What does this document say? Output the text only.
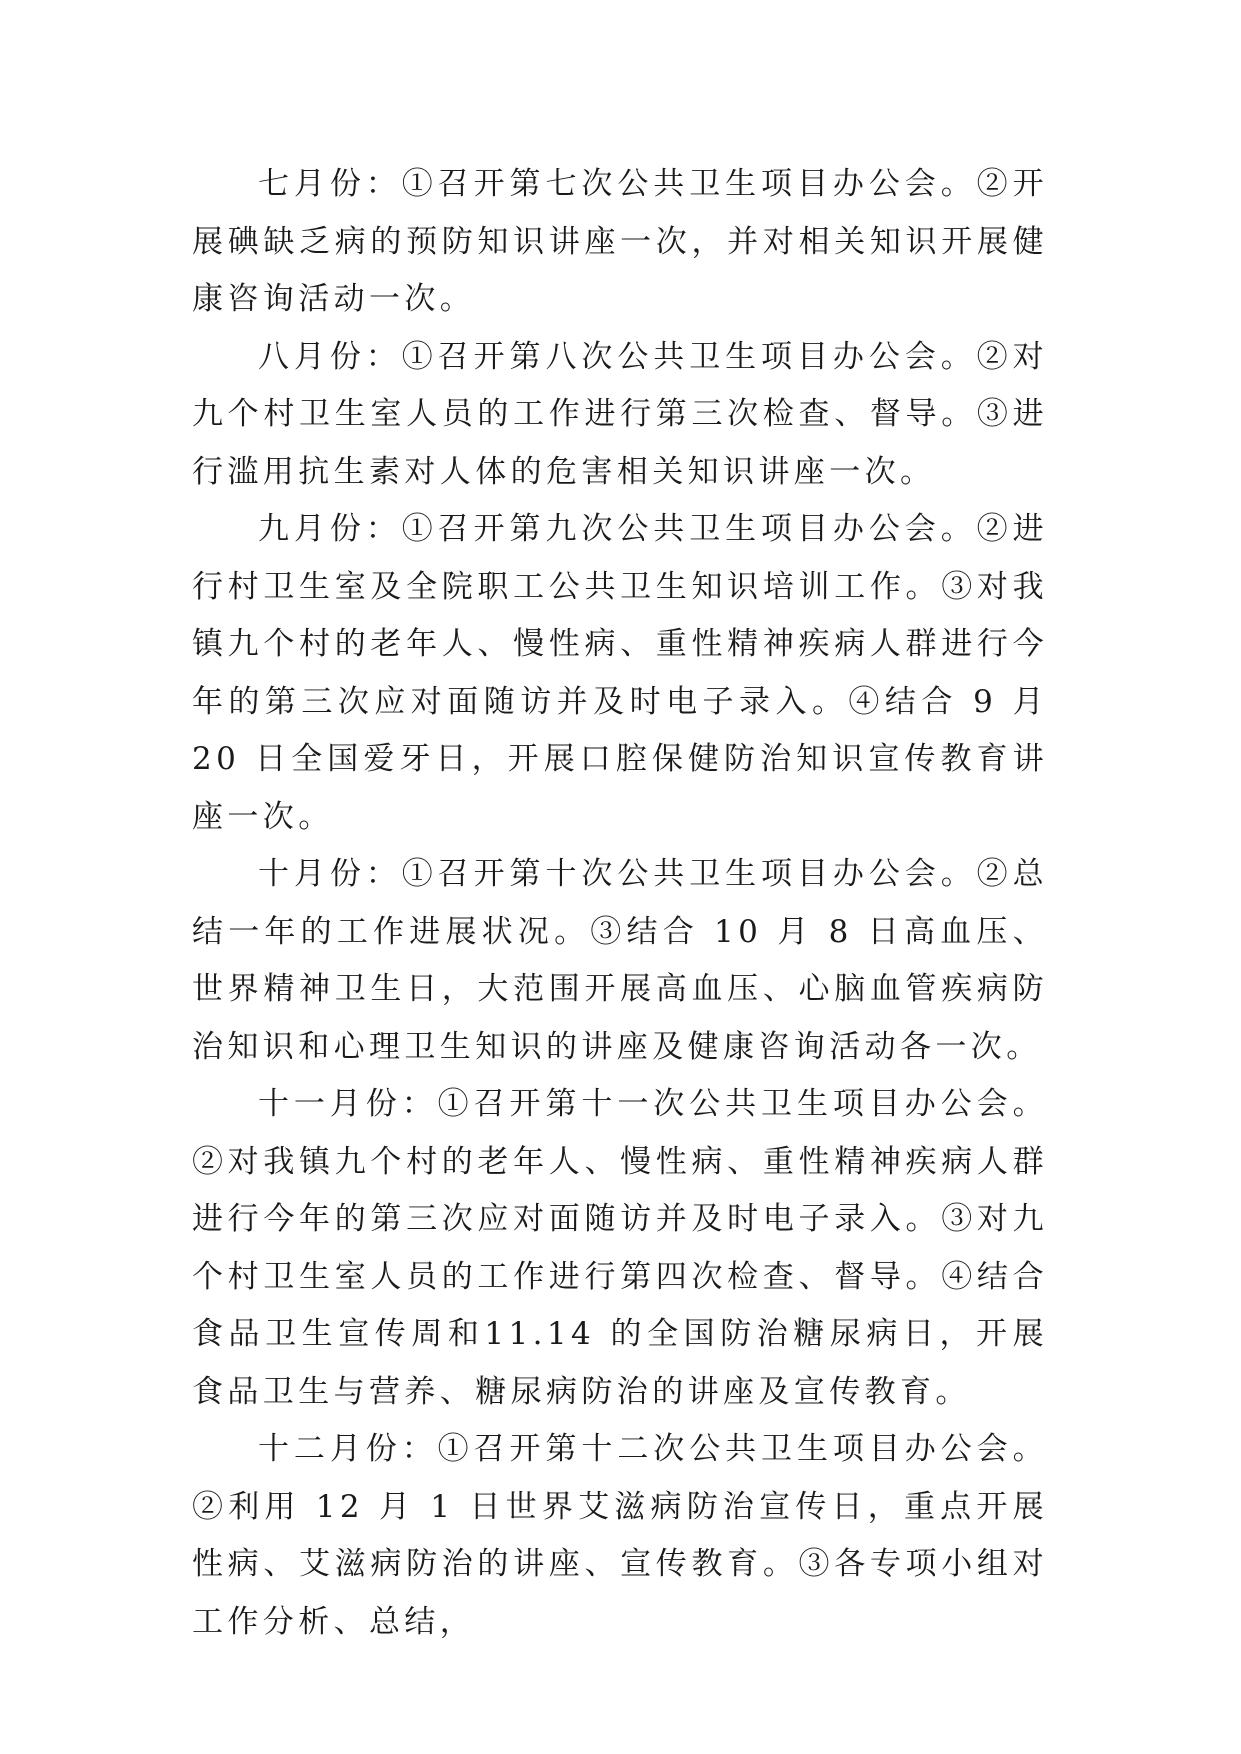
七月份：①召开第七次公共卫生项目办公会。②开展碘缺乏病的预防知识讲座一次，并对相关知识开展健康咨询活动一次。

八月份：①召开第八次公共卫生项目办公会。②对九个村卫生室人员的工作进行第三次检查、督导。③进行滥用抗生素对人体的危害相关知识讲座一次。

九月份：①召开第九次公共卫生项目办公会。②进行村卫生室及全院职工公共卫生知识培训工作。③对我镇九个村的老年人、慢性病、重性精神疾病人群进行今年的第三次应对面随访并及时电子录入。④结合 9 月 20 日全国爱牙日，开展口腔保健防治知识宣传教育讲座一次。

十月份：①召开第十次公共卫生项目办公会。②总结一年的工作进展状况。③结合 10 月 8 日高血压、世界精神卫生日，大范围开展高血压、心脑血管疾病防治知识和心理卫生知识的讲座及健康咨询活动各一次。

十一月份：①召开第十一次公共卫生项目办公会。②对我镇九个村的老年人、慢性病、重性精神疾病人群进行今年的第三次应对面随访并及时电子录入。③对九个村卫生室人员的工作进行第四次检查、督导。④结合食品卫生宣传周和11.14 的全国防治糖尿病日，开展食品卫生与营养、糖尿病防治的讲座及宣传教育。

十二月份：①召开第十二次公共卫生项目办公会。②利用 12 月 1 日世界艾滋病防治宣传日，重点开展性病、艾滋病防治的讲座、宣传教育。③各专项小组对工作分析、总结，
